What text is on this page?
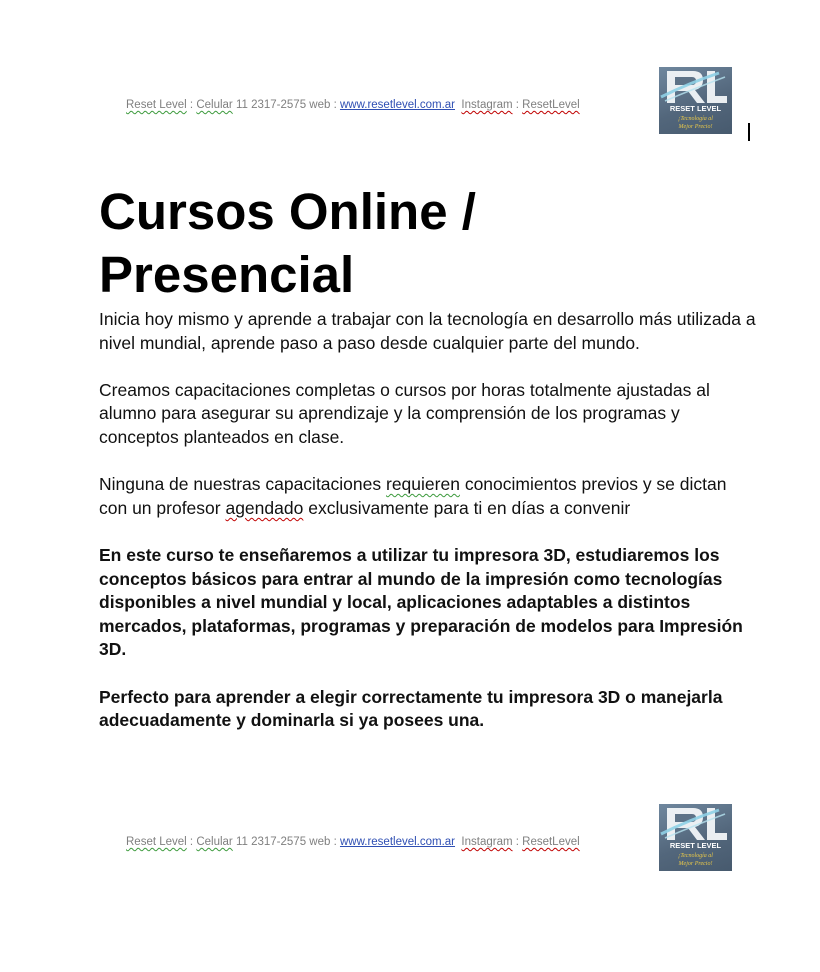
Reset Level : Celular 11 2317-2575 web : www.resetlevel.com.ar Instagram : ResetLevel	RESET LEVEL
¡Tecnología al
Mejor Precio!
Cursos Online /
Presencial

Inicia hoy mismo y aprende a trabajar con la tecnología en desarrollo más utilizada a nivel mundial, aprende paso a paso desde cualquier parte del mundo.

Creamos capacitaciones completas o cursos por horas totalmente ajustadas al alumno para asegurar su aprendizaje y la comprensión de los programas y conceptos planteados en clase.

Ninguna de nuestras capacitaciones requieren conocimientos previos y se dictan con un profesor agendado exclusivamente para ti en días a convenir

En este curso te enseñaremos a utilizar tu impresora 3D, estudiaremos los conceptos básicos para entrar al mundo de la impresión como tecnologías disponibles a nivel mundial y local, aplicaciones adaptables a distintos mercados, plataformas, programas y preparación de modelos para Impresión 3D.

Perfecto para aprender a elegir correctamente tu impresora 3D o manejarla adecuadamente y dominarla si ya posees una.

Reset Level : Celular 11 2317-2575 web : www.resetlevel.com.ar Instagram : ResetLevel	RESET LEVEL
¡Tecnología al
Mejor Precio!
